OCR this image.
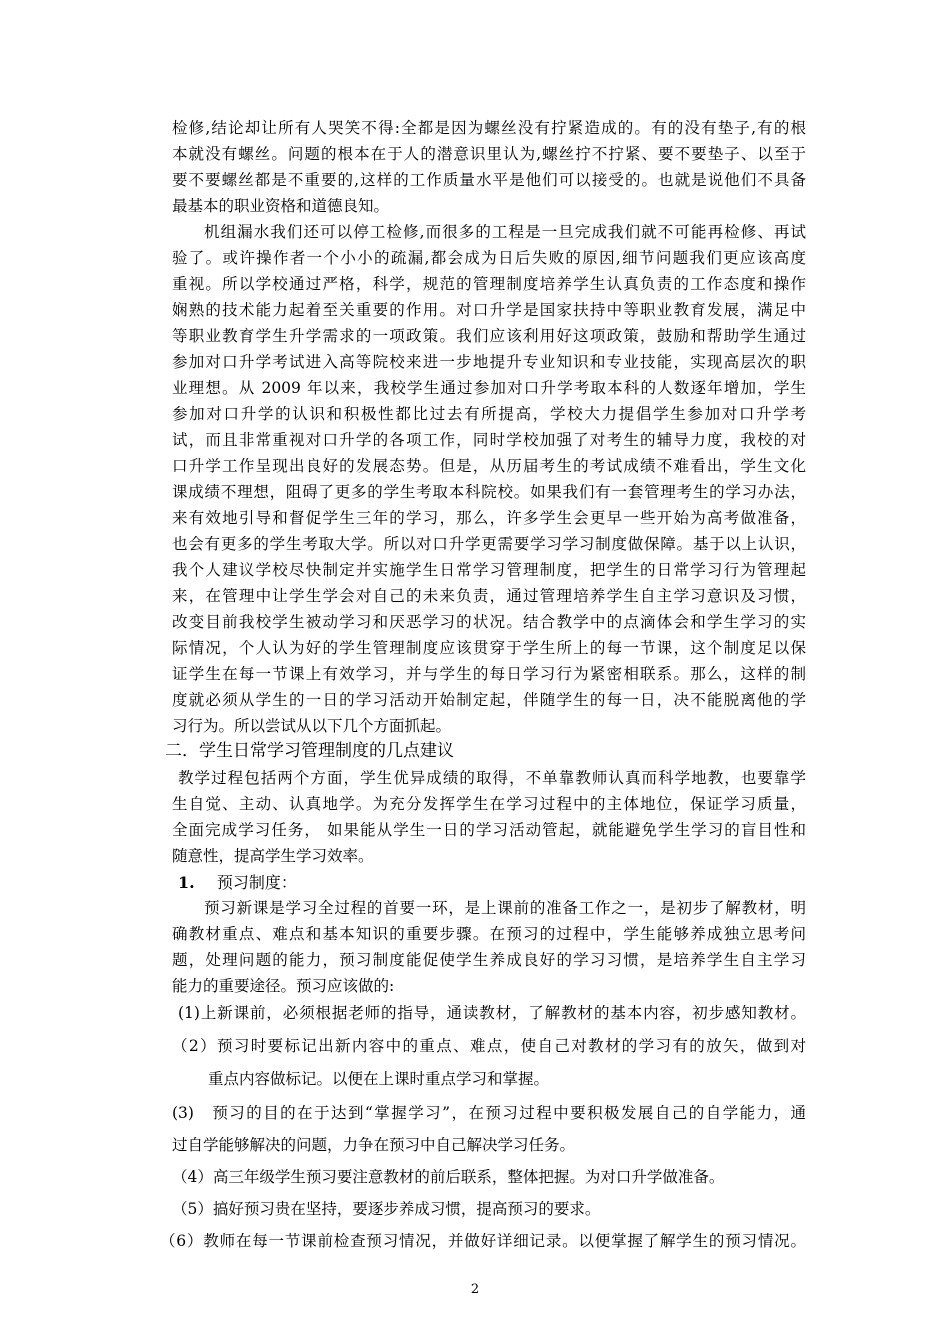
检修,结论却让所有人哭笑不得:全都是因为螺丝没有拧紧造成的。有的没有垫子,有的根
本就没有螺丝。问题的根本在于人的潜意识里认为,螺丝拧不拧紧、要不要垫子、以至于
要不要螺丝都是不重要的,这样的工作质量水平是他们可以接受的。也就是说他们不具备
最基本的职业资格和道德良知。
机组漏水我们还可以停工检修,而很多的工程是一旦完成我们就不可能再检修、再试
验了。或许操作者一个小小的疏漏,都会成为日后失败的原因,细节问题我们更应该高度
重视。所以学校通过严格，科学，规范的管理制度培养学生认真负责的工作态度和操作
娴熟的技术能力起着至关重要的作用。对口升学是国家扶持中等职业教育发展，满足中
等职业教育学生升学需求的一项政策。我们应该利用好这项政策，鼓励和帮助学生通过
参加对口升学考试进入高等院校来进一步地提升专业知识和专业技能，实现高层次的职
业理想。从 2009 年以来，我校学生通过参加对口升学考取本科的人数逐年增加，学生
参加对口升学的认识和积极性都比过去有所提高，学校大力提倡学生参加对口升学考
试，而且非常重视对口升学的各项工作，同时学校加强了对考生的辅导力度，我校的对
口升学工作呈现出良好的发展态势。但是，从历届考生的考试成绩不难看出，学生文化
课成绩不理想，阻碍了更多的学生考取本科院校。如果我们有一套管理考生的学习办法，
来有效地引导和督促学生三年的学习，那么，许多学生会更早一些开始为高考做准备，
也会有更多的学生考取大学。所以对口升学更需要学习学习制度做保障。基于以上认识，
我个人建议学校尽快制定并实施学生日常学习管理制度，把学生的日常学习行为管理起
来，在管理中让学生学会对自己的未来负责，通过管理培养学生自主学习意识及习惯，
改变目前我校学生被动学习和厌恶学习的状况。结合教学中的点滴体会和学生学习的实
际情况，个人认为好的学生管理制度应该贯穿于学生所上的每一节课，这个制度足以保
证学生在每一节课上有效学习，并与学生的每日学习行为紧密相联系。那么，这样的制
度就必须从学生的一日的学习活动开始制定起，伴随学生的每一日，决不能脱离他的学
习行为。所以尝试从以下几个方面抓起。
二．学生日常学习管理制度的几点建议
教学过程包括两个方面，学生优异成绩的取得，不单靠教师认真而科学地教，也要靠学
生自觉、主动、认真地学。为充分发挥学生在学习过程中的主体地位，保证学习质量，
全面完成学习任务， 如果能从学生一日的学习活动管起，就能避免学生学习的盲目性和
随意性，提高学生学习效率。
1. 预习制度：
预习新课是学习全过程的首要一环，是上课前的准备工作之一，是初步了解教材，明
确教材重点、难点和基本知识的重要步骤。在预习的过程中，学生能够养成独立思考问
题，处理问题的能力，预习制度能促使学生养成良好的学习习惯，是培养学生自主学习
能力的重要途径。预习应该做的:
(1)上新课前，必须根据老师的指导，通读教材，了解教材的基本内容，初步感知教材。
（2）预习时要标记出新内容中的重点、难点，使自己对教材的学习有的放矢，做到对
重点内容做标记。以便在上课时重点学习和掌握。
(3)　预习的目的在于达到“掌握学习”，在预习过程中要积极发展自己的自学能力，通
过自学能够解决的问题，力争在预习中自己解决学习任务。
（4）高三年级学生预习要注意教材的前后联系，整体把握。为对口升学做准备。
（5）搞好预习贵在坚持，要逐步养成习惯，提高预习的要求。
（6）教师在每一节课前检查预习情况，并做好详细记录。以便掌握了解学生的预习情况。
2
